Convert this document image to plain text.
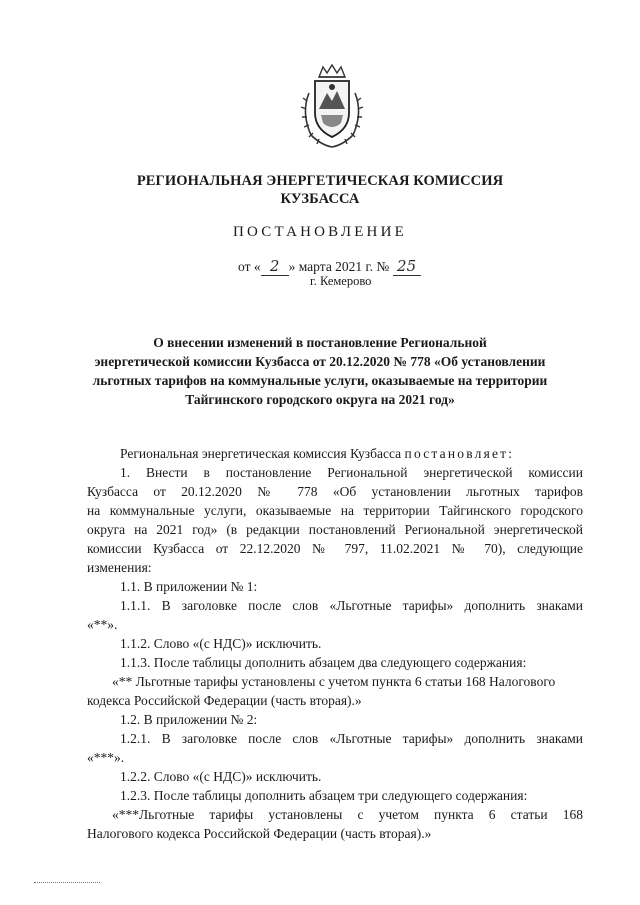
РЕГИОНАЛЬНАЯ ЭНЕРГЕТИЧЕСКАЯ КОМИССИЯ
КУЗБАССА
ПОСТАНОВЛЕНИЕ
от « 2 » марта 2021 г. № 25
г. Кемерово
О внесении изменений в постановление Региональной
энергетической комиссии Кузбасса от 20.12.2020 № 778 «Об установлении
льготных тарифов на коммунальные услуги, оказываемые на территории
Тайгинского городского округа на 2021 год»
Региональная энергетическая комиссия Кузбасса постановляет:
1. Внести в постановление Региональной энергетической комиссии
Кузбасса от 20.12.2020 № 778 «Об установлении льготных тарифов
на коммунальные услуги, оказываемые на территории Тайгинского городского
округа на 2021 год» (в редакции постановлений Региональной энергетической
комиссии Кузбасса от 22.12.2020 № 797, 11.02.2021 № 70), следующие
изменения:
1.1. В приложении № 1:
1.1.1. В заголовке после слов «Льготные тарифы» дополнить знаками
«**».
1.1.2. Слово «(с НДС)» исключить.
1.1.3. После таблицы дополнить абзацем два следующего содержания:
«** Льготные тарифы установлены с учетом пункта 6 статьи 168 Налогового
кодекса Российской Федерации (часть вторая).»
1.2. В приложении № 2:
1.2.1. В заголовке после слов «Льготные тарифы» дополнить знаками
«***».
1.2.2. Слово «(с НДС)» исключить.
1.2.3. После таблицы дополнить абзацем три следующего содержания:
«***Льготные тарифы установлены с учетом пункта 6 статьи 168
Налогового кодекса Российской Федерации (часть вторая).»
